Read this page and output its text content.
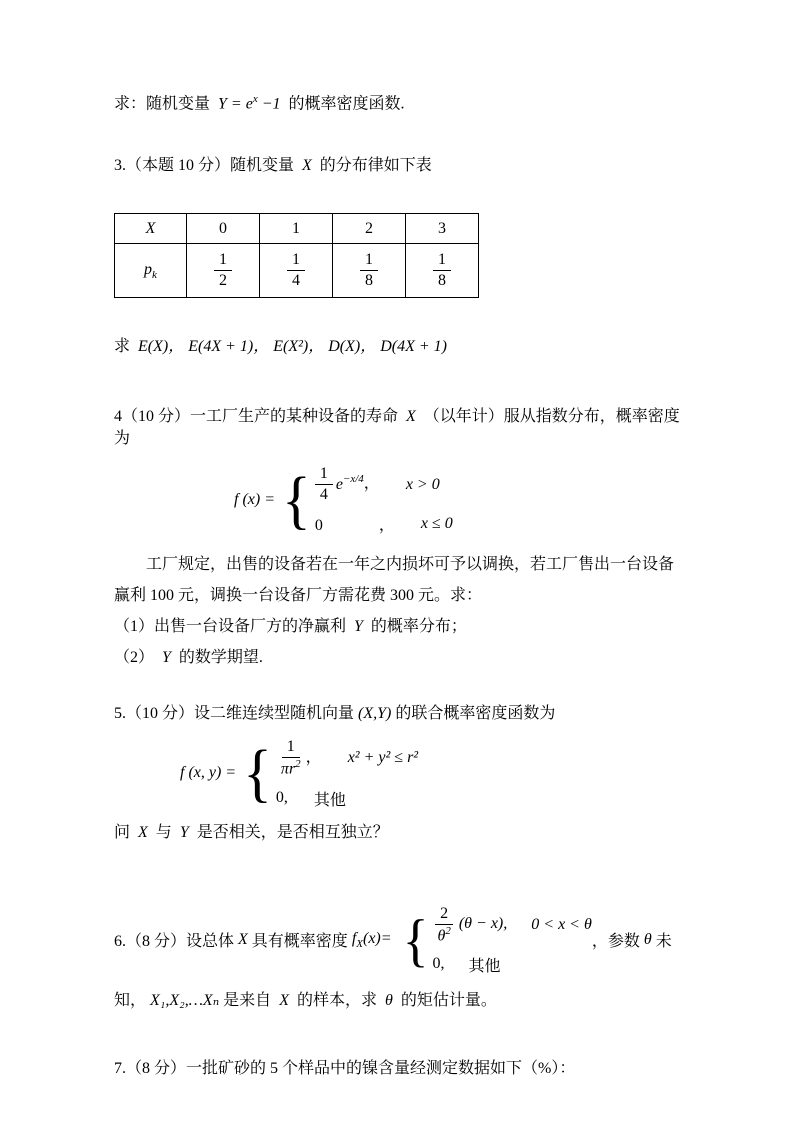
求：随机变量 $Y = e^x -1$ 的概率密度函数.

3.（本题 10 分）随机变量 X 的分布律如下表

X	0	1	2	3
$p_k$	$\frac{1}{2}$	$\frac{1}{4}$	$\frac{1}{8}$	$\frac{1}{8}$

求 E(X)， E(4X + 1)， E(X²)， D(X)， D(4X + 1)

4（10 分）一工厂生产的某种设备的寿命 X （以年计）服从指数分布，概率密度为

f (x) = { $\frac{1}{4} e^{-x/4}$， x > 0
0	， x ≤ 0

工厂规定，出售的设备若在一年之内损坏可予以调换，若工厂售出一台设备赢利 100 元，调换一台设备厂方需花费 300 元。求：

（1）出售一台设备厂方的净赢利 Y 的概率分布；

（2） Y 的数学期望.

5.（10 分）设二维连续型随机向量 (X,Y) 的联合概率密度函数为

f (x, y) = { $\frac{1}{\pi r^2}$ ， x² + y² ≤ r²
0, 其他

问 X 与 Y 是否相关，是否相互独立？

6.（8 分）设总体 X 具有概率密度 $f_X(x)=$ { $\frac{2}{\theta^2} (\theta - x)$, 0 < x < θ
0, 其他
，参数 θ 未

知， X₁,X₂,…Xₙ 是来自 X 的样本，求 θ 的矩估计量。

7.（8 分）一批矿砂的 5 个样品中的镍含量经测定数据如下（%）：
